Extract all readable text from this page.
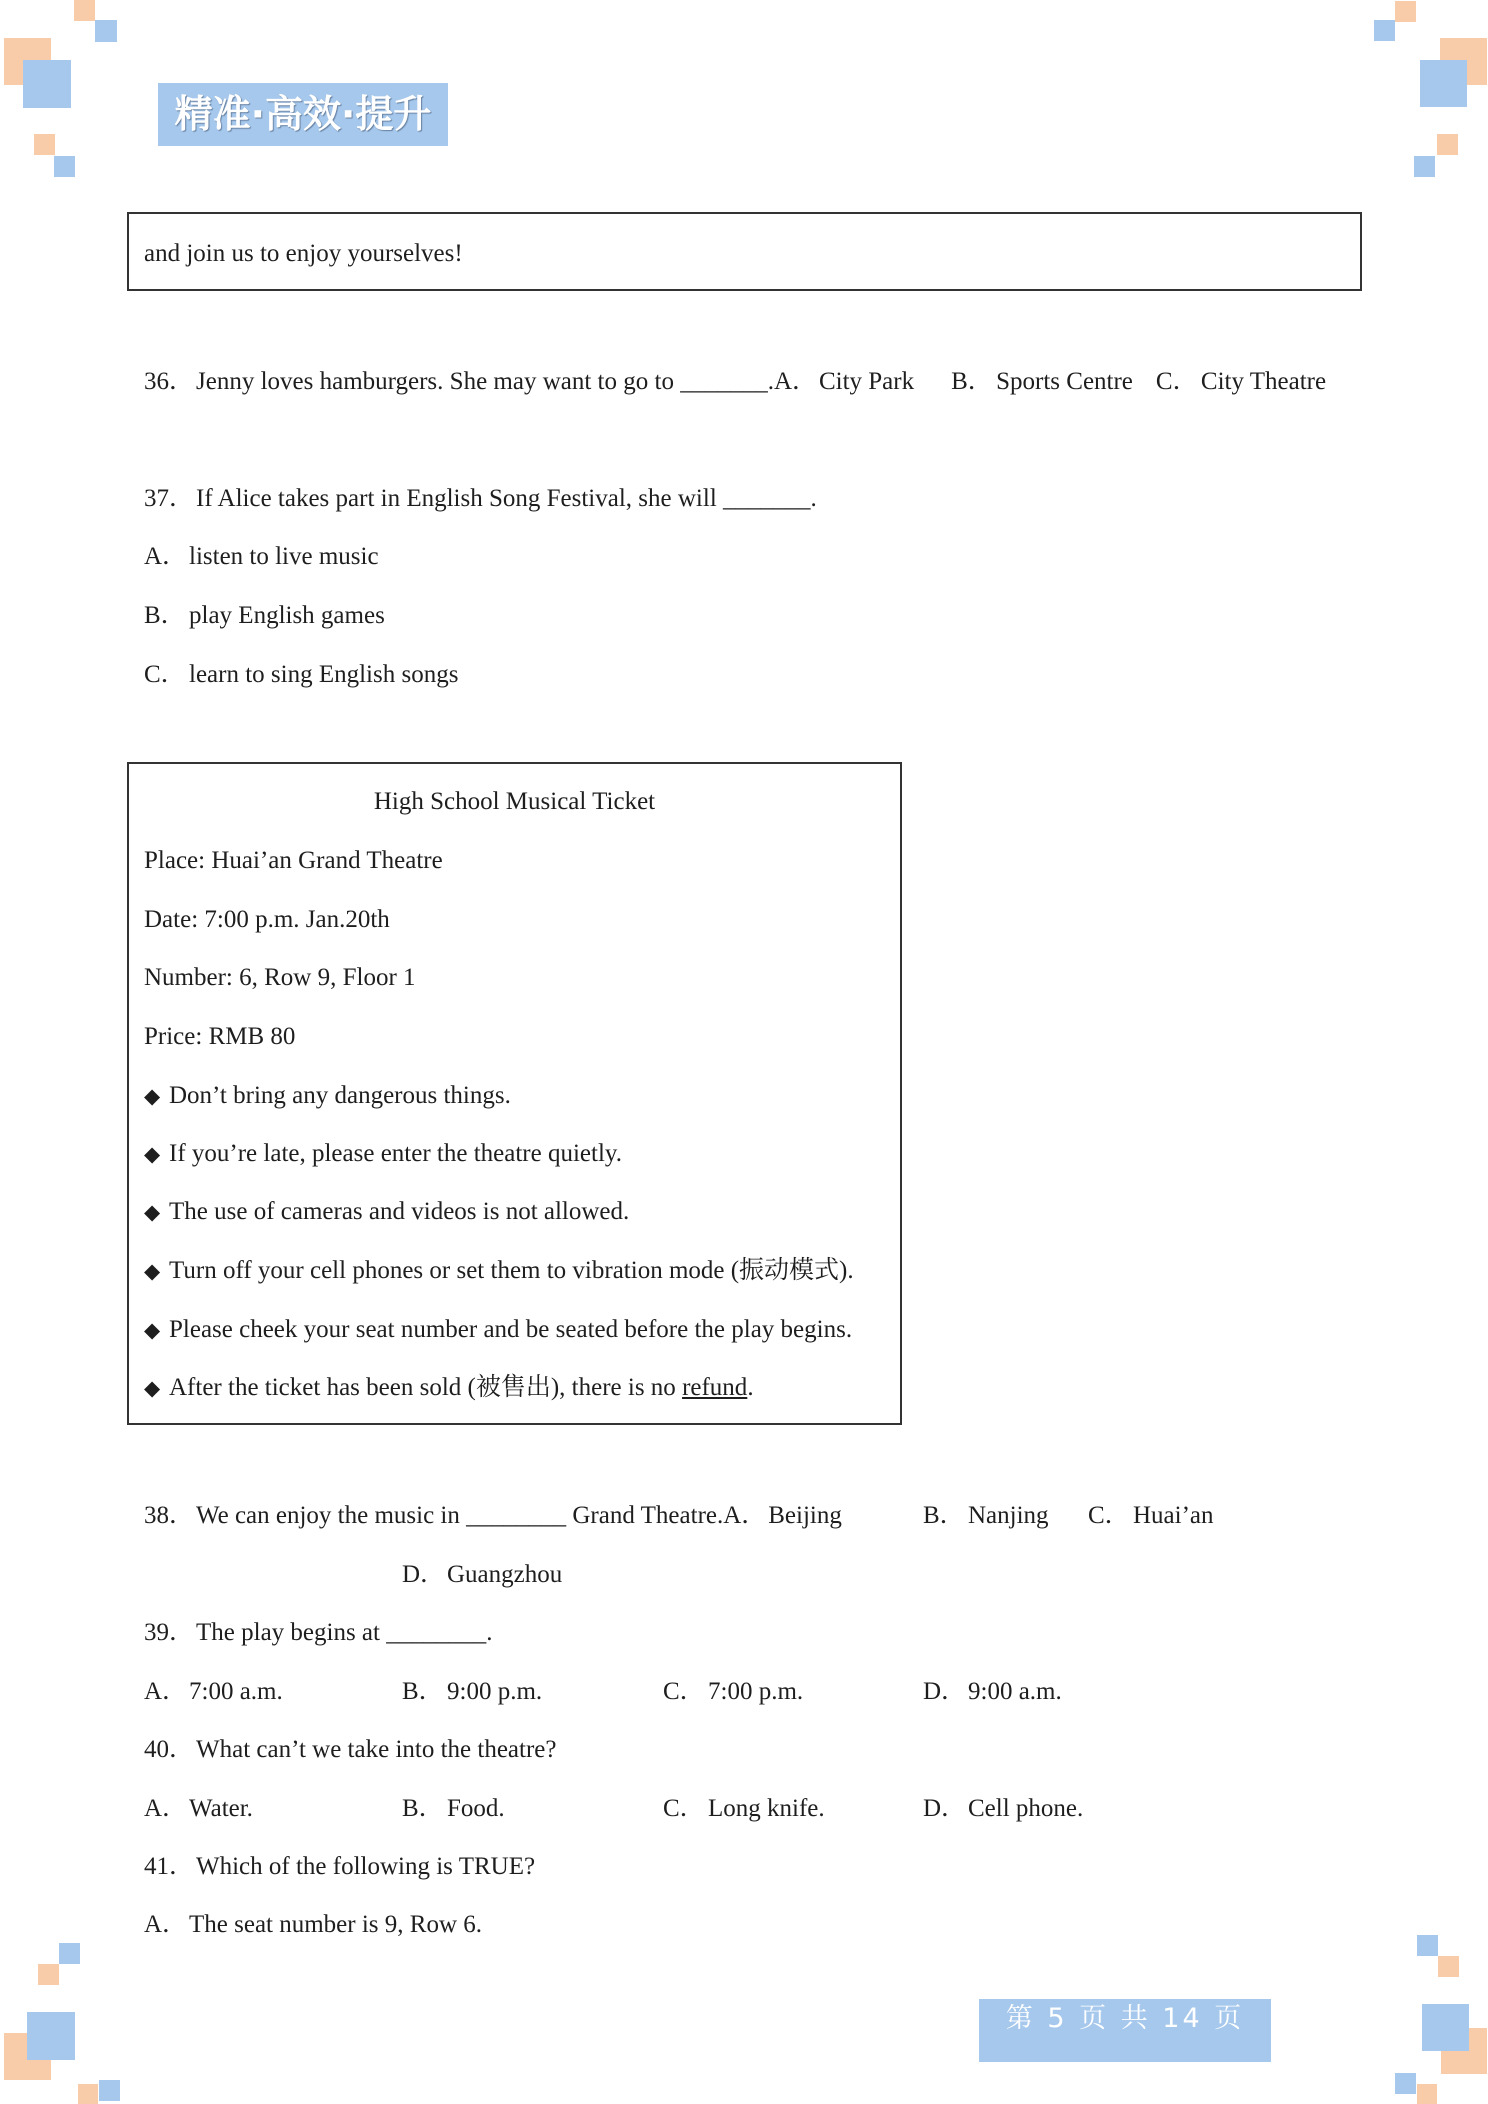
精准·高效·提升
and join us to enjoy yourselves!
36．Jenny loves hamburgers. She may want to go to _______.A．City Park B． Sports Centre C． City Theatre
37．If Alice takes part in English Song Festival, she will _______.
A．listen to live music
B． play English games
C． learn to sing English songs
High School Musical Ticket
Place: Huai’an Grand Theatre
Date: 7:00 p.m. Jan.20th
Number: 6, Row 9, Floor 1
Price: RMB 80
◆ Don’t bring any dangerous things.
◆ If you’re late, please enter the theatre quietly.
◆ The use of cameras and videos is not allowed.
◆ Turn off your cell phones or set them to vibration mode (振动模式).
◆ Please cheek your seat number and be seated before the play begins.
◆ After the ticket has been sold (被售出), there is no refund.
38．We can enjoy the music in ________ Grand Theatre.A．Beijing	B． Nanjing C． Huai’an
D．Guangzhou
39．The play begins at ________.
A．7:00 a.m.	B． 9:00 p.m.	C． 7:00 p.m.	D．9:00 a.m.
40．What can’t we take into the theatre?
A．Water.	B． Food.	C． Long knife.	D．Cell phone.
41．Which of the following is TRUE?
A．The seat number is 9, Row 6.
第 5 页 共 14 页
